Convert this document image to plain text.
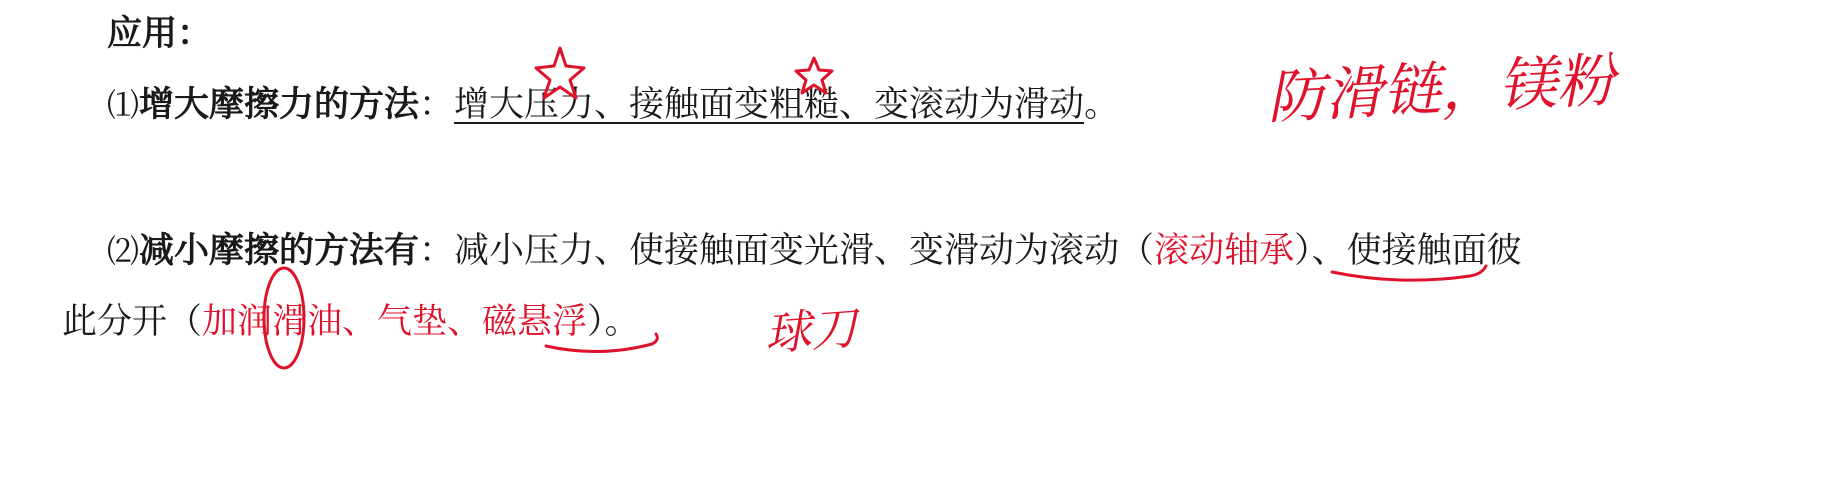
应用：
⑴增大摩擦力的方法：增大压力、接触面变粗糙、变滚动为滑动。
⑵减小摩擦的方法有：减小压力、使接触面变光滑、变滑动为滚动（滚动轴承）、使接触面彼
此分开（加润滑油、气垫、磁悬浮）。
防滑链，镁粉
球刀
